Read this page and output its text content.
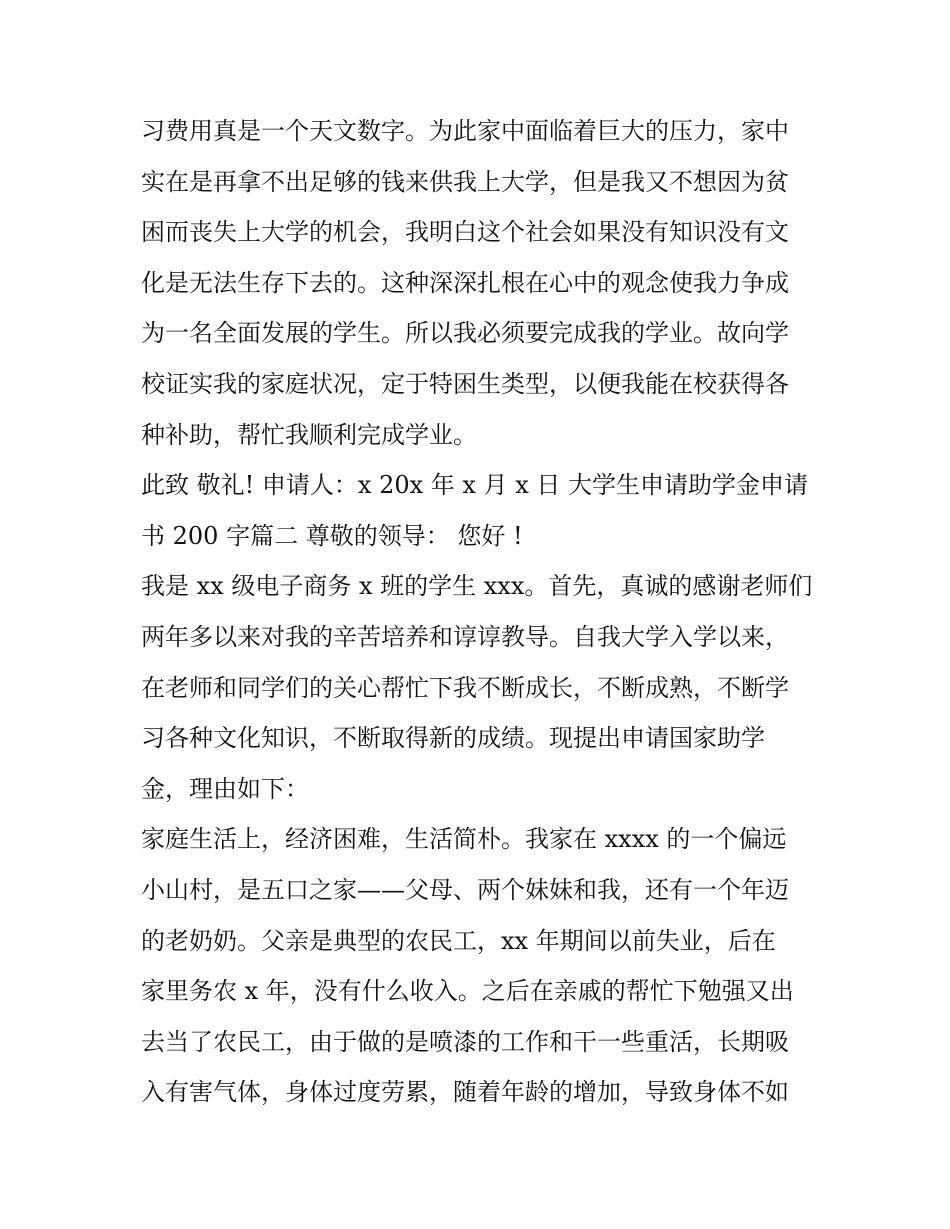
习费用真是一个天文数字。为此家中面临着巨大的压力，家中
实在是再拿不出足够的钱来供我上大学，但是我又不想因为贫
困而丧失上大学的机会，我明白这个社会如果没有知识没有文
化是无法生存下去的。这种深深扎根在心中的观念使我力争成
为一名全面发展的学生。所以我必须要完成我的学业。故向学
校证实我的家庭状况，定于特困生类型，以便我能在校获得各
种补助，帮忙我顺利完成学业。
此致 敬礼! 申请人：x 20x 年 x 月 x 日 大学生申请助学金申请
书 200 字篇二 尊敬的领导： 您好 !
我是 xx 级电子商务 x 班的学生 xxx。首先，真诚的感谢老师们
两年多以来对我的辛苦培养和谆谆教导。自我大学入学以来，
在老师和同学们的关心帮忙下我不断成长，不断成熟，不断学
习各种文化知识，不断取得新的成绩。现提出申请国家助学
金，理由如下：
家庭生活上，经济困难，生活简朴。我家在 xxxx 的一个偏远
小山村，是五口之家——父母、两个妹妹和我，还有一个年迈
的老奶奶。父亲是典型的农民工，xx 年期间以前失业，后在
家里务农 x 年，没有什么收入。之后在亲戚的帮忙下勉强又出
去当了农民工，由于做的是喷漆的工作和干一些重活，长期吸
入有害气体，身体过度劳累，随着年龄的增加，导致身体不如
